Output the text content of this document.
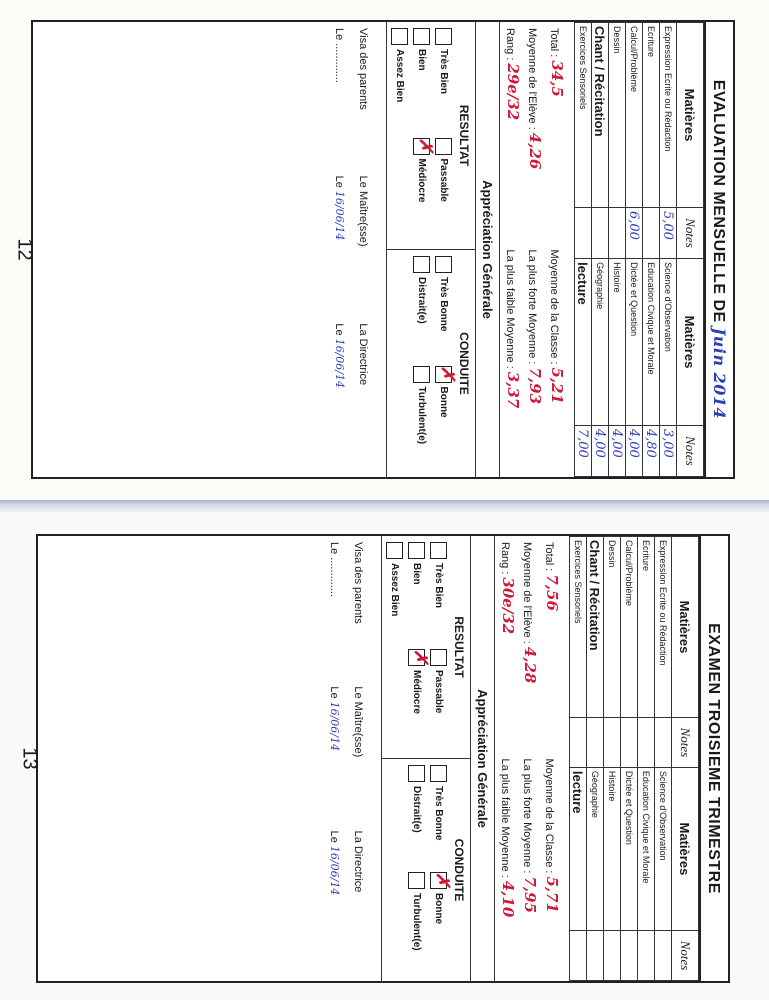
EVALUATION MENSUELLE DE Juin 2014
Matières	Notes	Matières	Notes
Expression Ecrite ou Rédaction	5,00	Science d'Observation	3,00
Ecriture		Education Civique et Morale	4,80
Calcul/Problème	6,00	Dictée et Question	4,00
Dessin		Histoire	4,00
Chant / Récitation		Géographie	4,00
Exercices Sensoriels		lecture	7,00
Total :
34,5
Moyenne de l'Elève :
4,26
Rang :
29e/32
Moyenne de la Classe :
5,21
La plus forte Moyenne :
7,93
La plus faible Moyenne :
3,37
Appréciation Générale
RESULTAT
Très Bien
Passable
Bien
✗
Médiocre
Assez Bien
CONDUITE
Très Bonne
✗
Bonne
Distrait(e)
Turbulent(e)
Visa des parents
Le
.............
Le Maître(sse)
Le
16/06/14
La Directrice
Le
16/06/14
12
EXAMEN TROISIEME TRIMESTRE
Matières	Notes	Matières	Notes
Expression Ecrite ou Rédaction		Science d'Observation	
Ecriture		Education Civique et Morale	
Calcul/Problème		Dictée et Question	
Dessin		Histoire	
Chant / Récitation		Géographie	
Exercices Sensoriels		lecture	
Total :
7,56
Moyenne de l'Elève :
4,28
Rang :
30e/32
Moyenne de la Classe :
5,71
La plus forte Moyenne :
7,95
La plus faible Moyenne :
4,10
Appréciation Générale
RESULTAT
Très Bien
Passable
Bien
✗
Médiocre
Assez Bien
CONDUITE
Très Bonne
✗
Bonne
Distrait(e)
Turbulent(e)
Visa des parents
Le
.............
Le Maître(sse)
Le
16/06/14
La Directrice
Le
16/06/14
13
